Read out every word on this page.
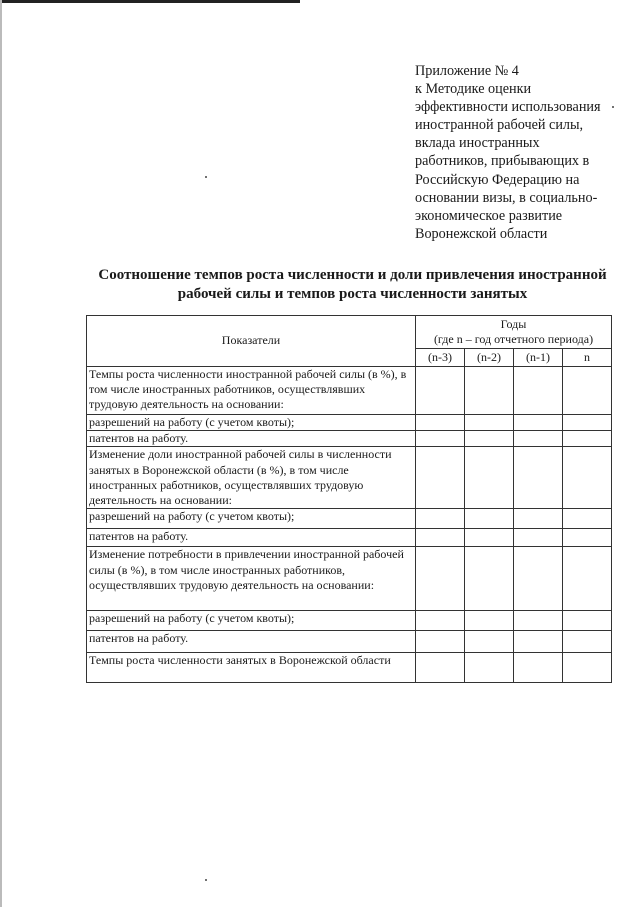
Приложение № 4
к Методике оценки
эффективности использования
иностранной рабочей силы,
вклада иностранных
работников, прибывающих в
Российскую Федерацию на
основании визы, в социально-
экономическое развитие
Воронежской области
Соотношение темпов роста численности и доли привлечения иностранной
рабочей силы и темпов роста численности занятых
Показатели	Годы
(где n – год отчетного периода)			

	(n-3)	(n-2)	(n-1)	n
Темпы роста численности иностранной рабочей силы (в %), в том числе иностранных работников, осуществлявших трудовую деятельность на основании:				
разрешений на работу (с учетом квоты);				
патентов на работу.				
Изменение доли иностранной рабочей силы в численности занятых в Воронежской области (в %), в том числе иностранных работников, осуществлявших трудовую деятельность на основании:				
разрешений на работу (с учетом квоты);				
патентов на работу.				
Изменение потребности в привлечении иностранной рабочей силы (в %), в том числе иностранных работников, осуществлявших трудовую деятельность на основании:				
разрешений на работу (с учетом квоты);				
патентов на работу.				
Темпы роста численности занятых в Воронежской области				
